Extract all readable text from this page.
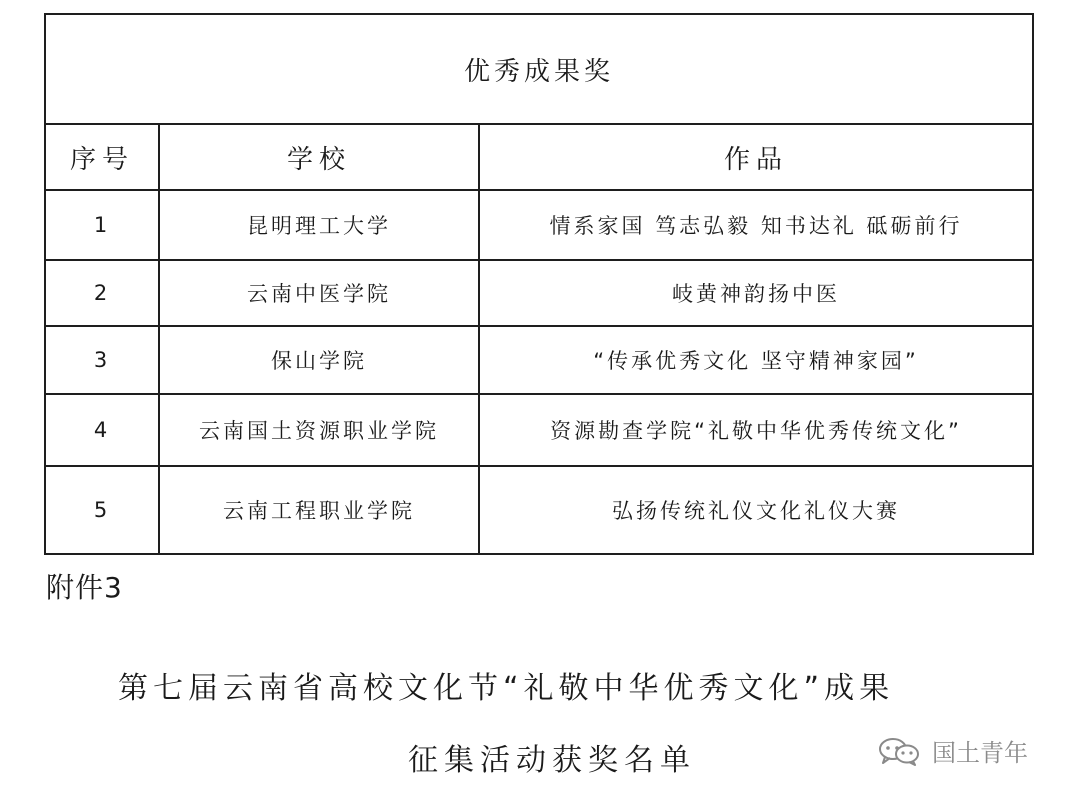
优秀成果奖		
序号	学校	作品
1	昆明理工大学	情系家国 笃志弘毅 知书达礼 砥砺前行
2	云南中医学院	岐黄神韵扬中医
3	保山学院	“传承优秀文化 坚守精神家园”
4	云南国土资源职业学院	资源勘查学院“礼敬中华优秀传统文化”
5	云南工程职业学院	弘扬传统礼仪文化礼仪大赛
附件3
第七届云南省高校文化节“礼敬中华优秀文化”成果
征集活动获奖名单	国土青年
